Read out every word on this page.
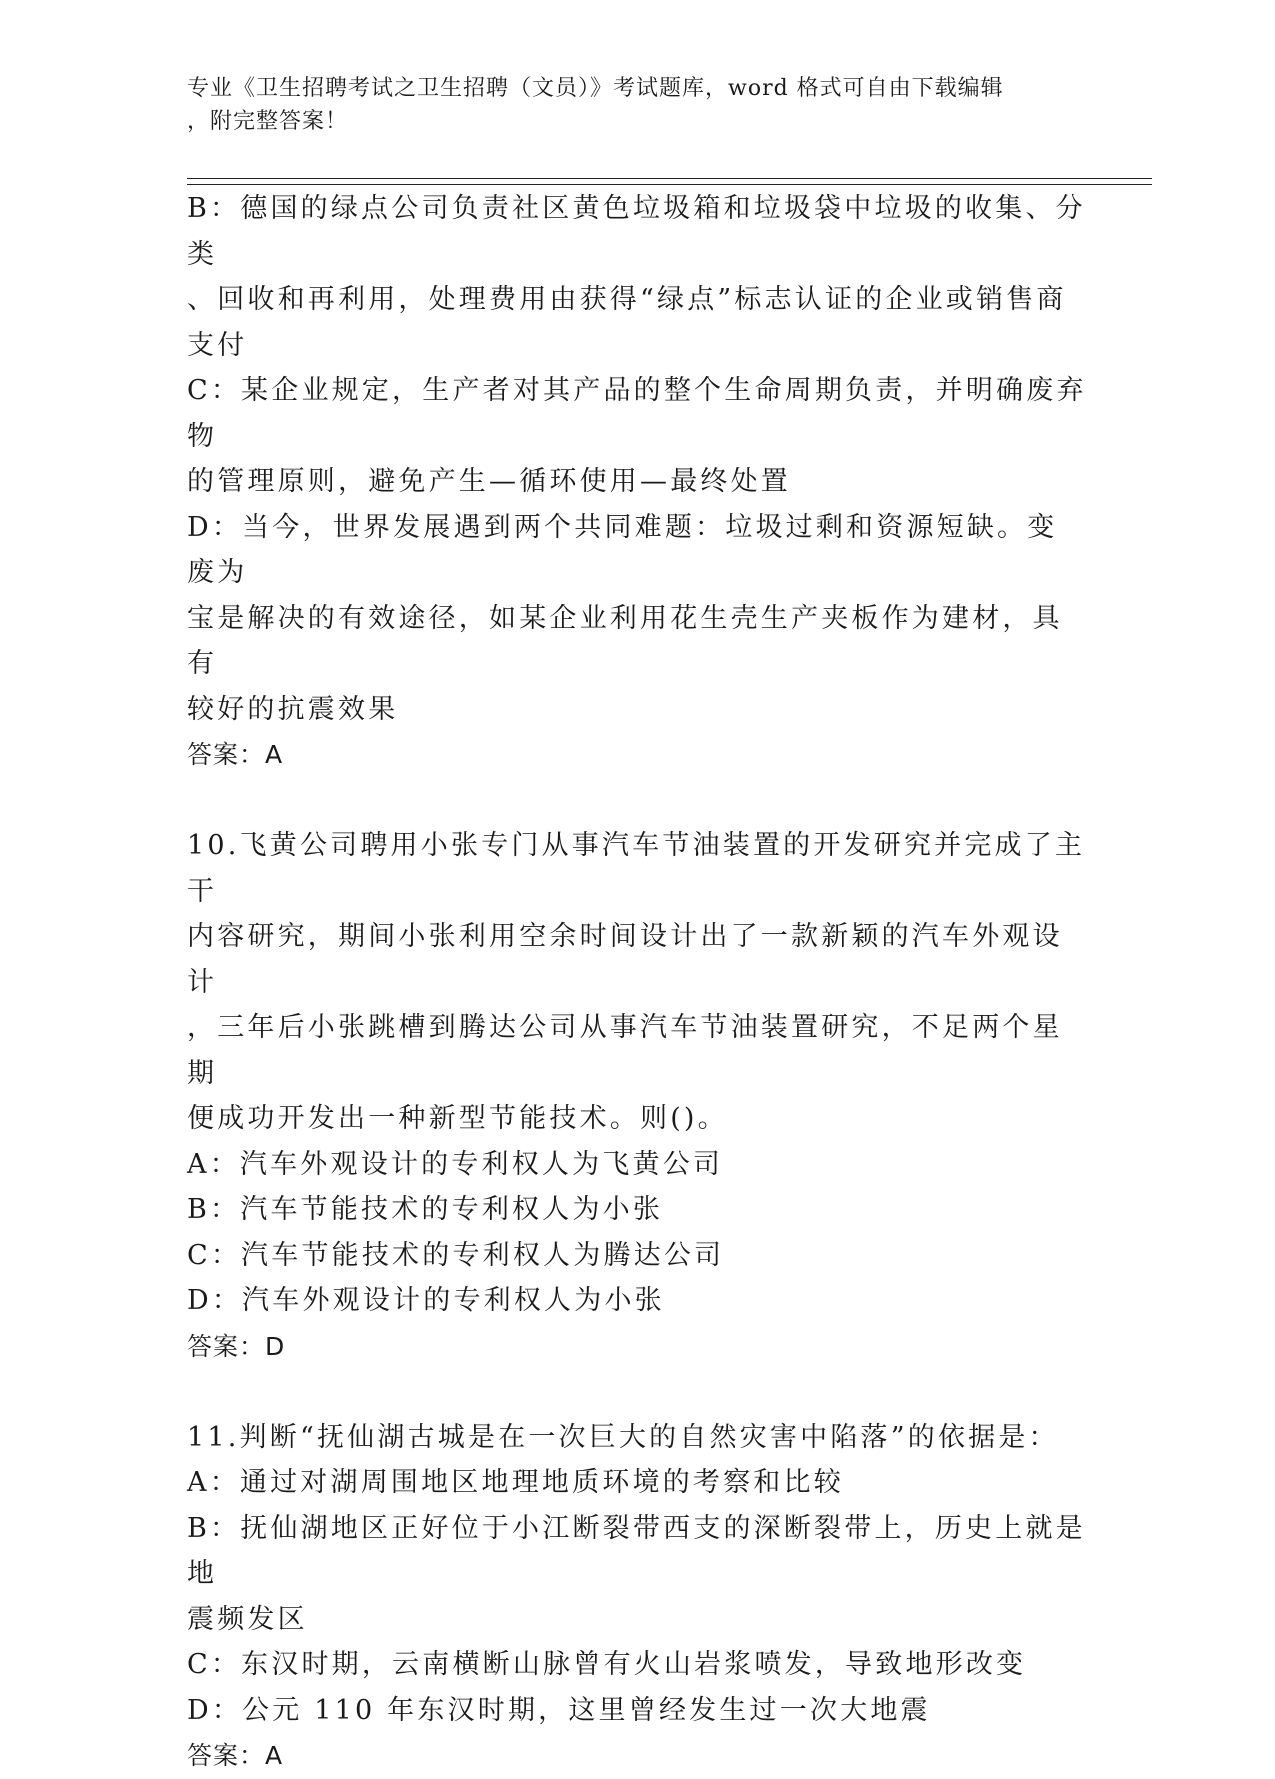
专业《卫生招聘考试之卫生招聘（文员）》考试题库，word 格式可自由下载编辑
，附完整答案！

B：德国的绿点公司负责社区黄色垃圾箱和垃圾袋中垃圾的收集、分类

、回收和再利用，处理费用由获得“绿点”标志认证的企业或销售商

支付

C：某企业规定，生产者对其产品的整个生命周期负责，并明确废弃物

的管理原则，避免产生—循环使用—最终处置

D：当今，世界发展遇到两个共同难题：垃圾过剩和资源短缺。变废为

宝是解决的有效途径，如某企业利用花生壳生产夹板作为建材，具有

较好的抗震效果

答案：A

10.飞黄公司聘用小张专门从事汽车节油装置的开发研究并完成了主干

内容研究，期间小张利用空余时间设计出了一款新颖的汽车外观设计

，三年后小张跳槽到腾达公司从事汽车节油装置研究，不足两个星期

便成功开发出一种新型节能技术。则()。

A：汽车外观设计的专利权人为飞黄公司

B：汽车节能技术的专利权人为小张

C：汽车节能技术的专利权人为腾达公司

D：汽车外观设计的专利权人为小张

答案：D

11.判断“抚仙湖古城是在一次巨大的自然灾害中陷落”的依据是：

A：通过对湖周围地区地理地质环境的考察和比较

B：抚仙湖地区正好位于小江断裂带西支的深断裂带上，历史上就是地

震频发区

C：东汉时期，云南横断山脉曾有火山岩浆喷发，导致地形改变

D：公元 110 年东汉时期，这里曾经发生过一次大地震

答案：A
